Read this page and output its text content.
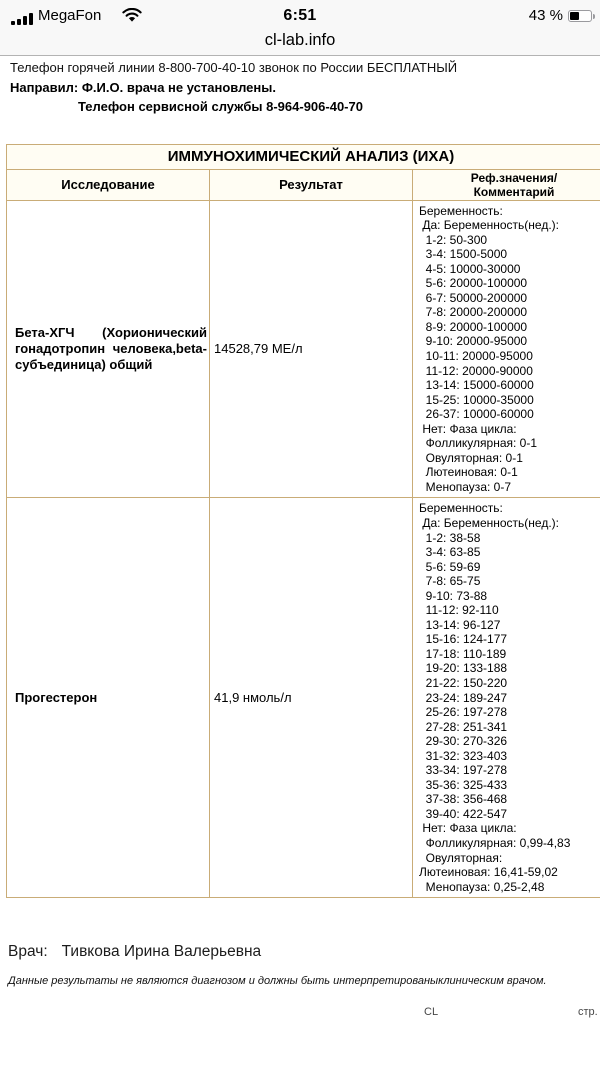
MegaFon	6:51	43 %
cl-lab.info
Телефон горячей линии 8-800-700-40-10 звонок по России БЕСПЛАТНЫЙ
Направил: Ф.И.О. врача не установлены.
Телефон сервисной службы 8-964-906-40-70
ИММУНОХИМИЧЕСКИЙ АНАЛИЗ (ИХА)		
Исследование	Результат	Реф.значения/
Комментарий

Бета-ХГЧ (Хорионический гонадотропин человека,beta-субъединица) общий	14528,79 МЕ/л	
Беременность:
Да: Беременность(нед.):
1-2: 50-300
3-4: 1500-5000
4-5: 10000-30000
5-6: 20000-100000
6-7: 50000-200000
7-8: 20000-200000
8-9: 20000-100000
9-10: 20000-95000
10-11: 20000-95000
11-12: 20000-90000
13-14: 15000-60000
15-25: 10000-35000
26-37: 10000-60000
Нет: Фаза цикла:
Фолликулярная: 0-1
Овуляторная: 0-1
Лютеиновая: 0-1
Менопауза: 0-7

Прогестерон	41,9 нмоль/л	
Беременность:
Да: Беременность(нед.):
1-2: 38-58
3-4: 63-85
5-6: 59-69
7-8: 65-75
9-10: 73-88
11-12: 92-110
13-14: 96-127
15-16: 124-177
17-18: 110-189
19-20: 133-188
21-22: 150-220
23-24: 189-247
25-26: 197-278
27-28: 251-341
29-30: 270-326
31-32: 323-403
33-34: 197-278
35-36: 325-433
37-38: 356-468
39-40: 422-547
Нет: Фаза цикла:
Фолликулярная: 0,99-4,83
Овуляторная:
Лютеиновая: 16,41-59,02
Менопауза: 0,25-2,48
Врач: Тивкова Ирина Валерьевна
Данные результаты не являются диагнозом и должны быть интерпретированыклиническим врачом.
CL	стр.
